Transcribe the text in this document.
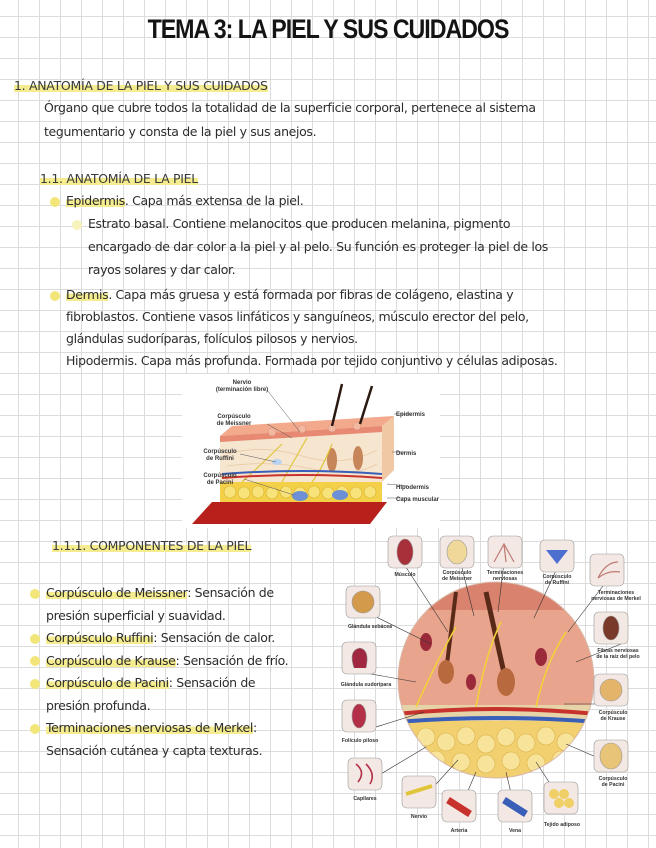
TEMA 3: LA PIEL Y SUS CUIDADOS
1. ANATOMÍA DE LA PIEL Y SUS CUIDADOS
Órgano que cubre todos la totalidad de la superficie corporal, pertenece al sistema
tegumentario y consta de la piel y sus anejos.
1.1. ANATOMÍA DE LA PIEL
Epidermis. Capa más extensa de la piel.
Estrato basal. Contiene melanocitos que producen melanina, pigmento
encargado de dar color a la piel y al pelo. Su función es proteger la piel de los
rayos solares y dar calor.
Dermis. Capa más gruesa y está formada por fibras de colágeno, elastina y
fibroblastos. Contiene vasos linfáticos y sanguíneos, músculo erector del pelo,
glándulas sudoríparas, folículos pilosos y nervios.
Hipodermis. Capa más profunda. Formada por tejido conjuntivo y células adiposas.
Nervio
(terminación libre)
Corpúsculo
de Meissner
Corpúsculo
de Ruffini
Corpúsculo
de Pacini
Epidermis
Dermis
Hipodermis
Capa muscular
1.1.1. COMPONENTES DE LA PIEL
Corpúsculo de Meissner: Sensación de
presión superficial y suavidad.
Corpúsculo Ruffini: Sensación de calor.
Corpúsculo de Krause: Sensación de frío.
Corpúsculo de Pacini: Sensación de
presión profunda.
Terminaciones nerviosas de Merkel:
Sensación cutánea y capta texturas.
Músculo	Corpúsculo
de Meissner
Terminaciones
nerviosas	Corpúsculo
de Ruffini
Terminaciones
nerviosas de Merkel
Glándula sebácea
Fibras nerviosas
de la raíz del pelo
Glándula sudorípara
Corpúsculo
de Krause
Folículo piloso
Corpúsculo
de Pacini
Capilares
Nervio
Arteria	Vena
Tejido adiposo
